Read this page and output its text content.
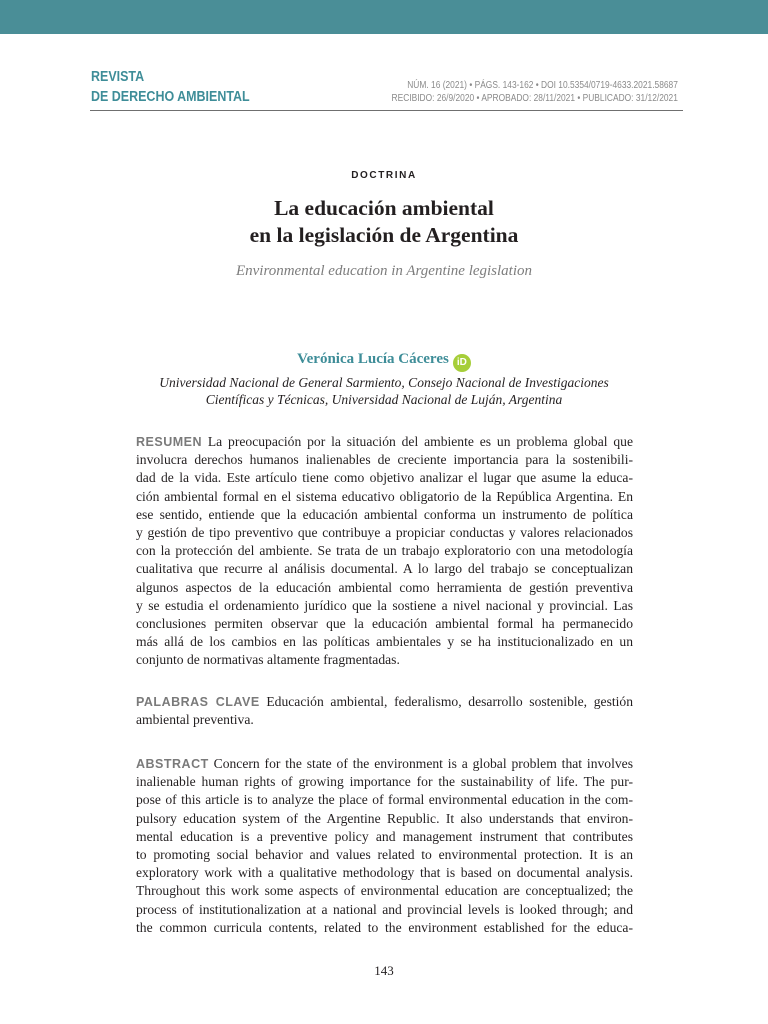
REVISTA
DE DERECHO AMBIENTAL
NÚM. 16 (2021) • PÁGS. 143-162 • DOI 10.5354/0719-4633.2021.58687
RECIBIDO: 26/9/2020 • APROBADO: 28/11/2021 • PUBLICADO: 31/12/2021
DOCTRINA
La educación ambiental
en la legislación de Argentina
Environmental education in Argentine legislation
Verónica Lucía Cáceres iD
Universidad Nacional de General Sarmiento, Consejo Nacional de Investigaciones
Científicas y Técnicas, Universidad Nacional de Luján, Argentina
RESUMEN La preocupación por la situación del ambiente es un problema global que
involucra derechos humanos inalienables de creciente importancia para la sostenibili-
dad de la vida. Este artículo tiene como objetivo analizar el lugar que asume la educa-
ción ambiental formal en el sistema educativo obligatorio de la República Argentina. En
ese sentido, entiende que la educación ambiental conforma un instrumento de política
y gestión de tipo preventivo que contribuye a propiciar conductas y valores relacionados
con la protección del ambiente. Se trata de un trabajo exploratorio con una metodología
cualitativa que recurre al análisis documental. A lo largo del trabajo se conceptualizan
algunos aspectos de la educación ambiental como herramienta de gestión preventiva
y se estudia el ordenamiento jurídico que la sostiene a nivel nacional y provincial. Las
conclusiones permiten observar que la educación ambiental formal ha permanecido
más allá de los cambios en las políticas ambientales y se ha institucionalizado en un
conjunto de normativas altamente fragmentadas.
PALABRAS CLAVE Educación ambiental, federalismo, desarrollo sostenible, gestión
ambiental preventiva.
ABSTRACT Concern for the state of the environment is a global problem that involves
inalienable human rights of growing importance for the sustainability of life. The pur-
pose of this article is to analyze the place of formal environmental education in the com-
pulsory education system of the Argentine Republic. It also understands that environ-
mental education is a preventive policy and management instrument that contributes
to promoting social behavior and values related to environmental protection. It is an
exploratory work with a qualitative methodology that is based on documental analysis.
Throughout this work some aspects of environmental education are conceptualized; the
process of institutionalization at a national and provincial levels is looked through; and
the common curricula contents, related to the environment established for the educa-
143
